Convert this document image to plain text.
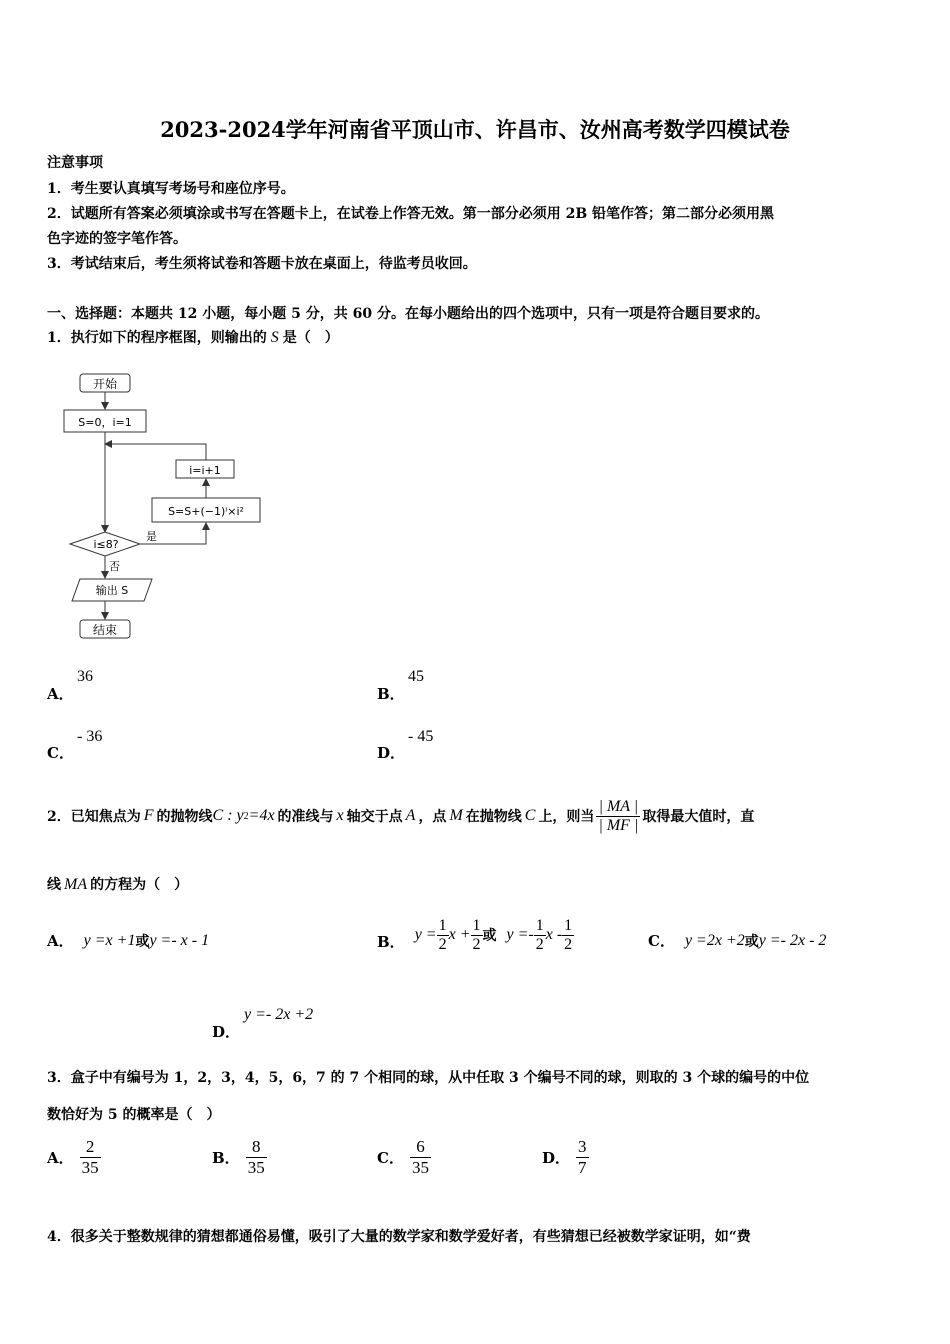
2023-2024学年河南省平顶山市、许昌市、汝州高考数学四模试卷
注意事项
1．考生要认真填写考场号和座位序号。
2．试题所有答案必须填涂或书写在答题卡上，在试卷上作答无效。第一部分必须用 2B 铅笔作答；第二部分必须用黑
色字迹的签字笔作答。
3．考试结束后，考生须将试卷和答题卡放在桌面上，待监考员收回。
一、选择题：本题共 12 小题，每小题 5 分，共 60 分。在每小题给出的四个选项中，只有一项是符合题目要求的。
1．执行如下的程序框图，则输出的 S 是（　）
开始
S=0，i=1
i=i+1
S=S+(−1)ⁱ×i²
i≤8?
是
否
输出 S
结束
A．
36
B．
45
C．
- 36
D．
- 45
2．已知焦点为 F 的抛物线 C : y 2 =4x 的准线与 x 轴交于点 A ，点 M 在抛物线 C 上，则当 $\frac{| MA |}{| MF |}$ 取得最大值时，直
线 MA 的方程为（　）
A． y =x +1 或 y =- x - 1	B． $y = \frac{1}{2}$ $x + \frac{1}{2}$ 或 $y =- \frac{1}{2}$ x - $\frac{1}{2}$	C． y =2x +2 或 y =- 2x - 2
D．
y =- 2x +2
3．盒子中有编号为 1，2，3，4，5，6，7 的 7 个相同的球，从中任取 3 个编号不同的球，则取的 3 个球的编号的中位
数恰好为 5 的概率是（　）
A． $\frac{2}{35}$	B． $\frac{8}{35}$	C． $\frac{6}{35}$	D． $\frac{3}{7}$
4．很多关于整数规律的猜想都通俗易懂，吸引了大量的数学家和数学爱好者，有些猜想已经被数学家证明，如“费
